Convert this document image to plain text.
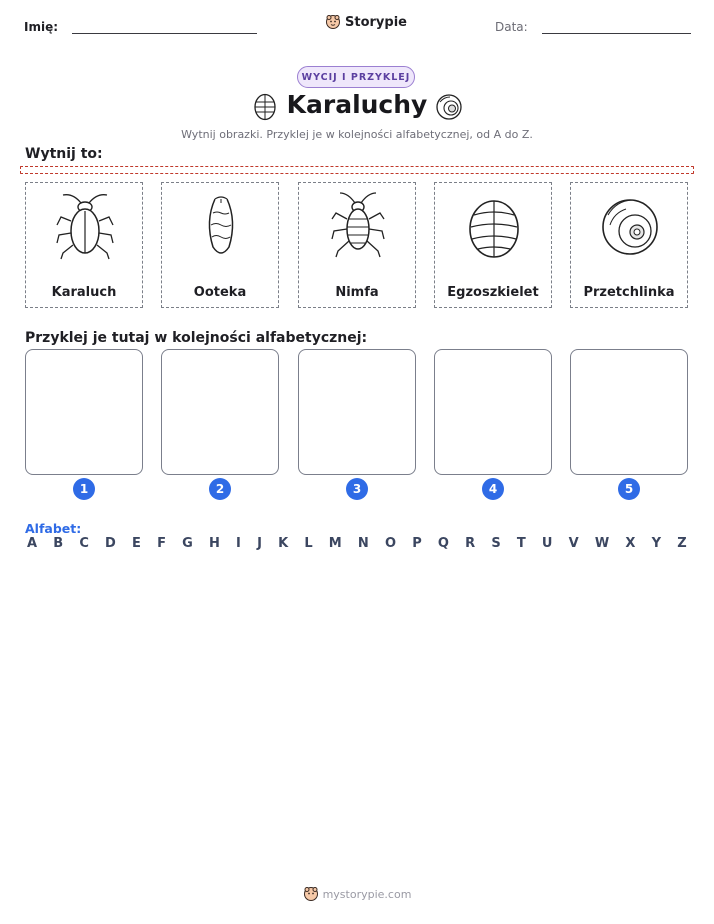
Imię:	Storypie	Data:
WYCIJ I PRZYKLEJ
Karaluchy
Wytnij obrazki. Przyklej je w kolejności alfabetycznej, od A do Z.
Wytnij to:
Karaluch	Ooteka	Nimfa	Egzoszkielet	Przetchlinka
Przyklej je tutaj w kolejności alfabetycznej:
1	2	3	4	5
Alfabet:
A B C D E F G H I J K L M N O P Q R S T U V W X Y Z
mystorypie.com
